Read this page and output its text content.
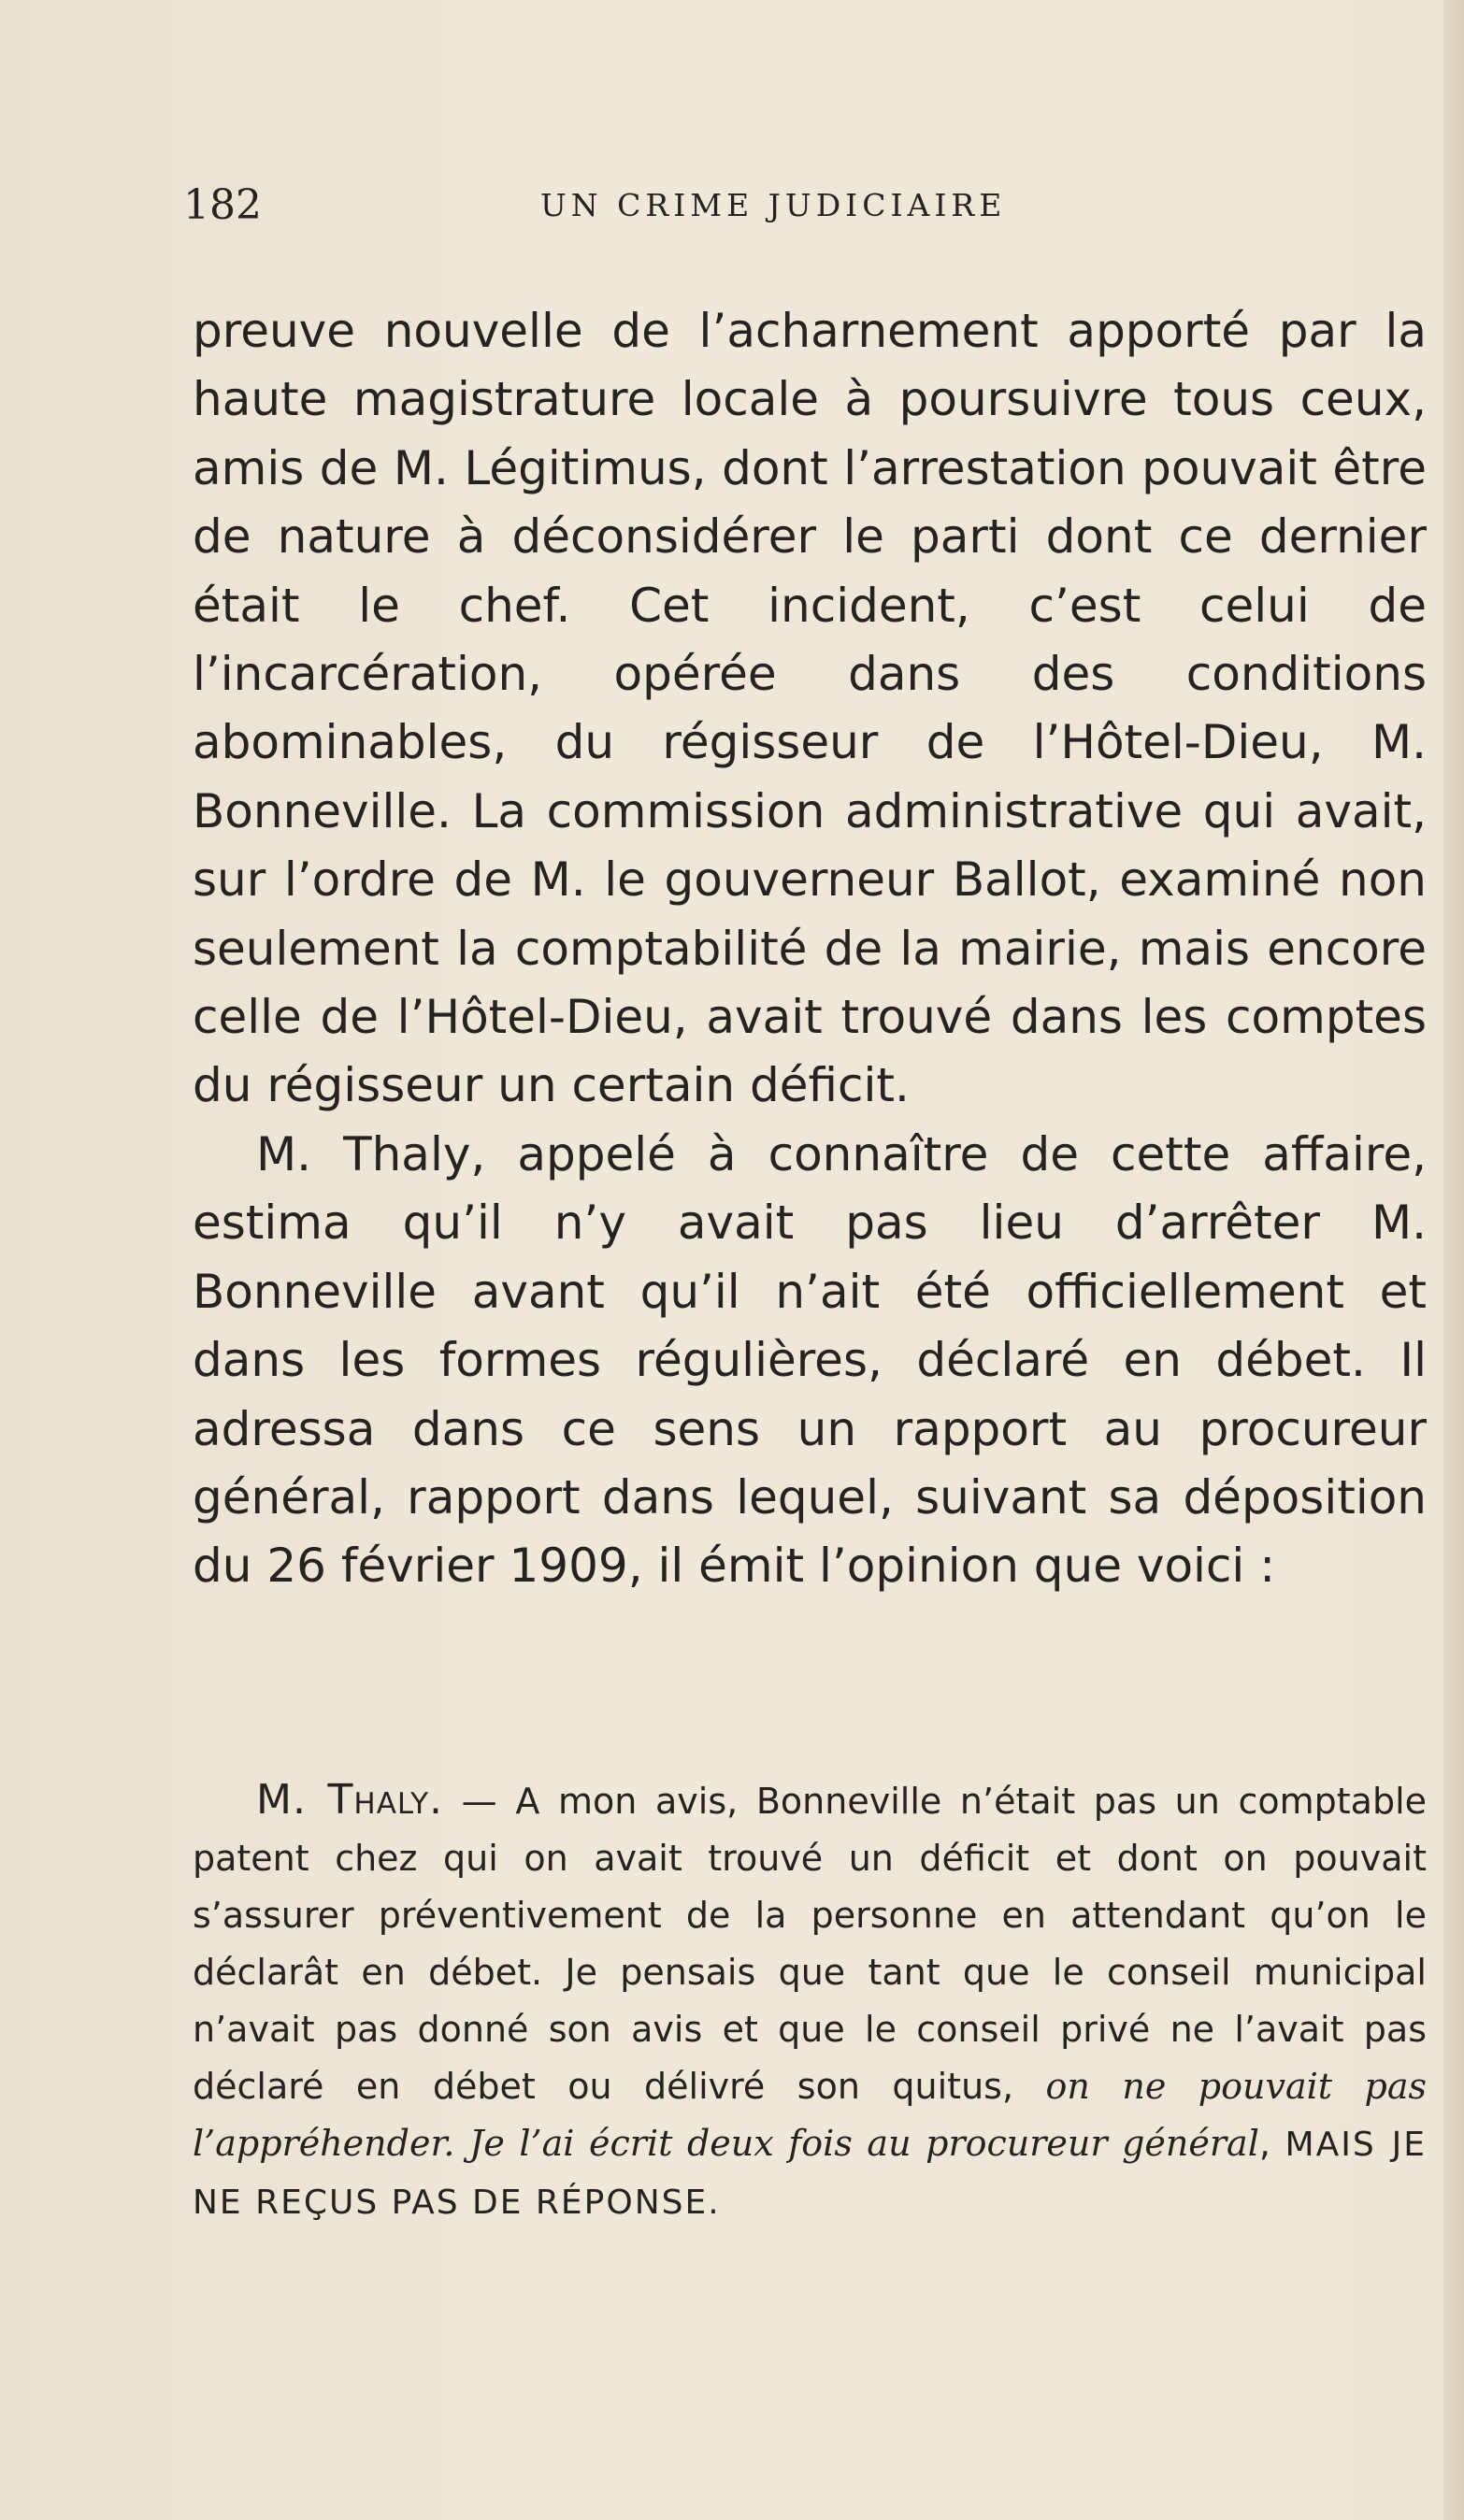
182	UN CRIME JUDICIAIRE

preuve nouvelle de l’acharnement apporté par la haute magistrature locale à poursuivre tous ceux, amis de M. Légitimus, dont l’arrestation pouvait être de nature à déconsidérer le parti dont ce dernier était le chef. Cet incident, c’est celui de l’incarcération, opérée dans des conditions abominables, du régisseur de l’Hôtel-Dieu, M. Bonneville. La commission administrative qui avait, sur l’ordre de M. le gouverneur Ballot, examiné non seulement la comptabilité de la mairie, mais encore celle de l’Hôtel-Dieu, avait trouvé dans les comptes du régisseur un certain déficit.

M. Thaly, appelé à connaître de cette affaire, estima qu’il n’y avait pas lieu d’arrêter M. Bonneville avant qu’il n’ait été officiellement et dans les formes régulières, déclaré en débet. Il adressa dans ce sens un rapport au procureur général, rapport dans lequel, suivant sa déposition du 26 février 1909, il émit l’opinion que voici :

M. Thaly. — A mon avis, Bonneville n’était pas un comptable patent chez qui on avait trouvé un déficit et dont on pouvait s’assurer préventivement de la personne en attendant qu’on le déclarât en débet. Je pensais que tant que le conseil municipal n’avait pas donné son avis et que le conseil privé ne l’avait pas déclaré en débet ou délivré son quitus, on ne pouvait pas l’appréhender. Je l’ai écrit deux fois au procureur général, MAIS JE NE REÇUS PAS DE RÉPONSE.
